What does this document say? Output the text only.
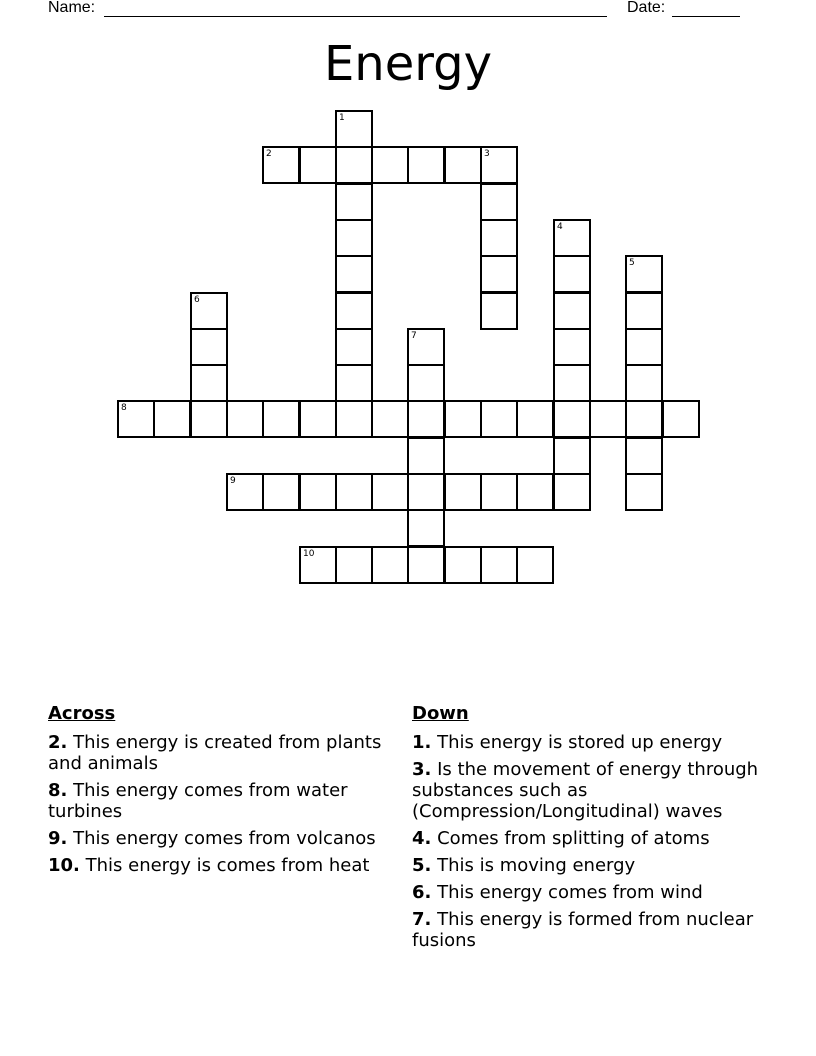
Name:	Date:
Energy
1
2	3
4
5
6
7
8
9
10
Across
2. This energy is created from plants and animals
8. This energy comes from water turbines
9. This energy comes from volcanos
10. This energy is comes from heat
Down
1. This energy is stored up energy
3. Is the movement of energy through substances such as (Compression/Longitudinal) waves
4. Comes from splitting of atoms
5. This is moving energy
6. This energy comes from wind
7. This energy is formed from nuclear fusions
